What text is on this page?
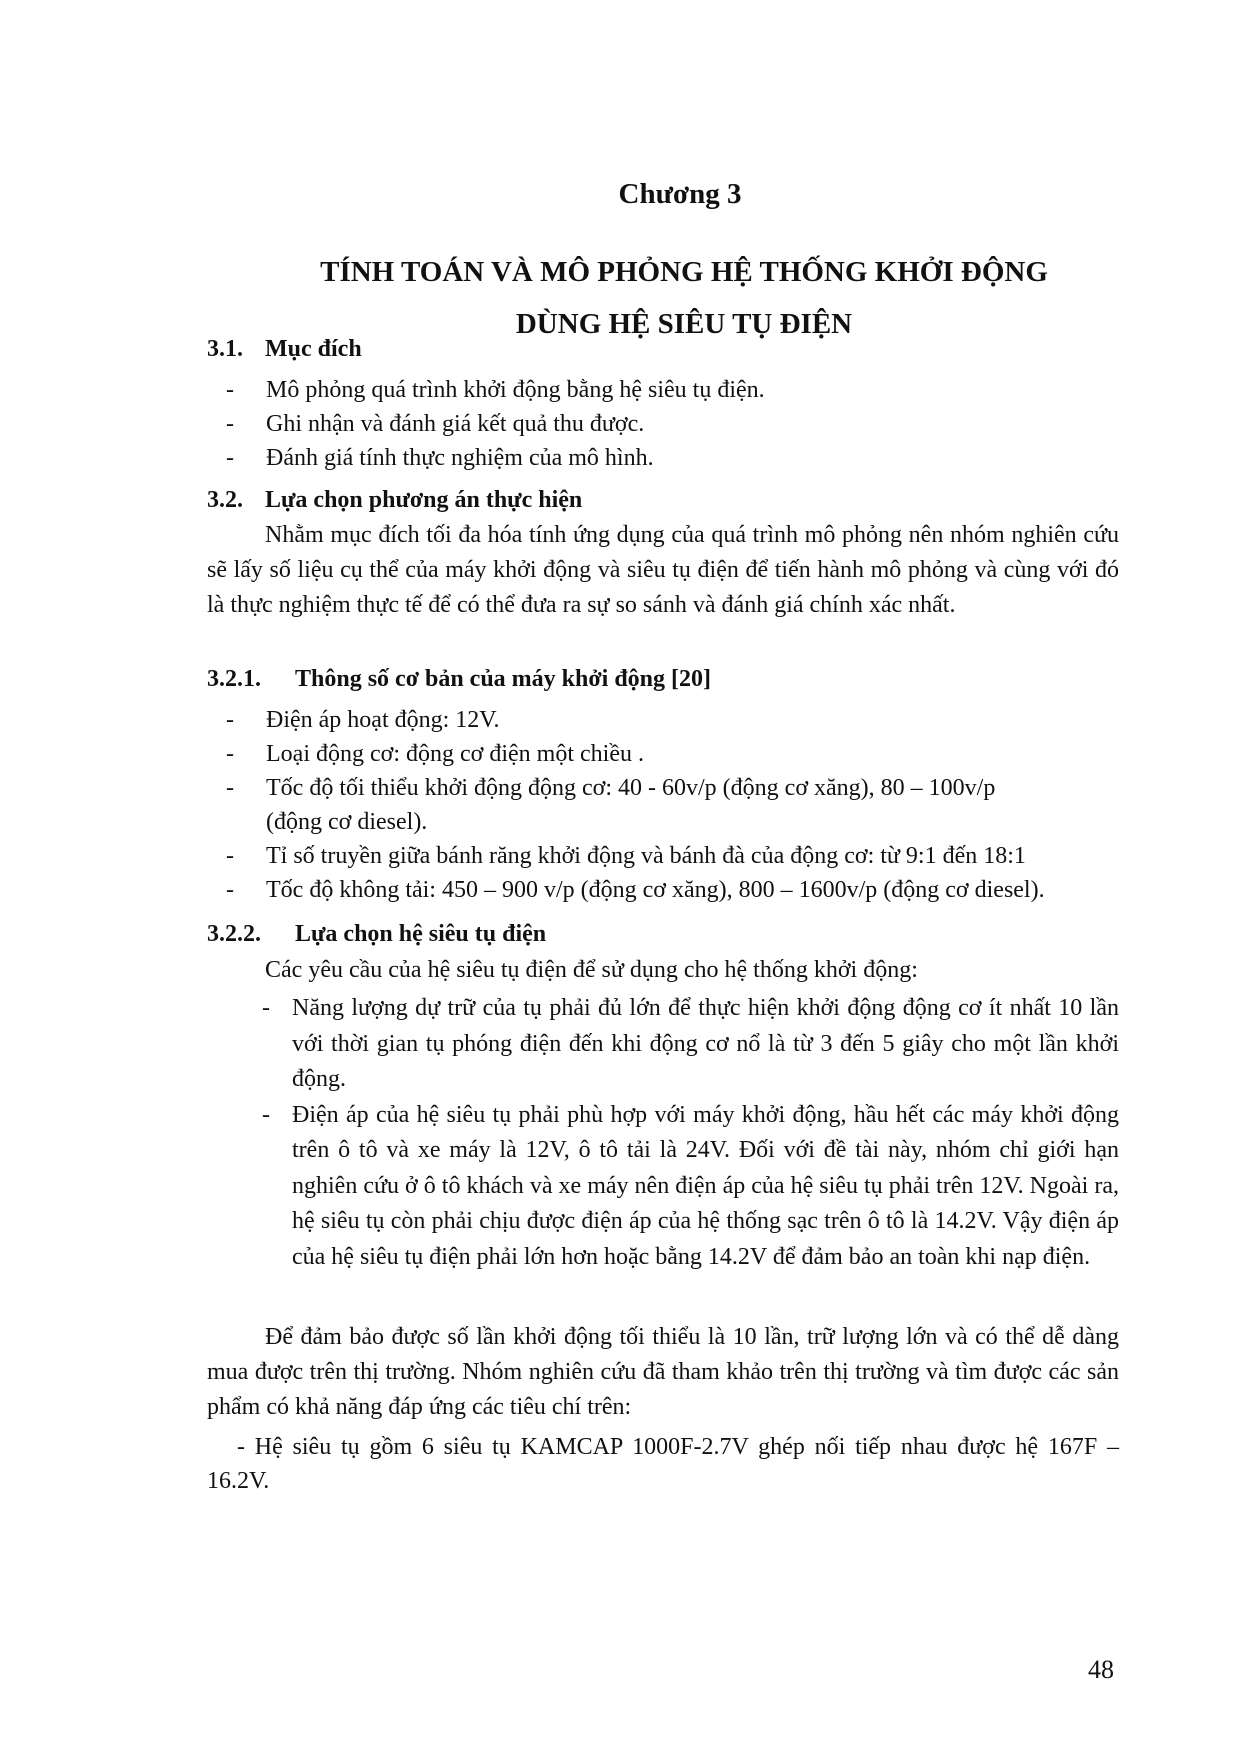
Chương 3
TÍNH TOÁN VÀ MÔ PHỎNG HỆ THỐNG KHỞI ĐỘNG
DÙNG HỆ SIÊU TỤ ĐIỆN
3.1. Mục đích
- Mô phỏng quá trình khởi động bằng hệ siêu tụ điện.
- Ghi nhận và đánh giá kết quả thu được.
- Đánh giá tính thực nghiệm của mô hình.
3.2. Lựa chọn phương án thực hiện
Nhằm mục đích tối đa hóa tính ứng dụng của quá trình mô phỏng nên nhóm nghiên cứu sẽ lấy số liệu cụ thể của máy khởi động và siêu tụ điện để tiến hành mô phỏng và cùng với đó là thực nghiệm thực tế để có thể đưa ra sự so sánh và đánh giá chính xác nhất.
3.2.1. Thông số cơ bản của máy khởi động [20]
- Điện áp hoạt động: 12V.
- Loại động cơ: động cơ điện một chiều .
- Tốc độ tối thiểu khởi động động cơ: 40 - 60v/p (động cơ xăng), 80 – 100v/p
(động cơ diesel).
- Tỉ số truyền giữa bánh răng khởi động và bánh đà của động cơ: từ 9:1 đến 18:1
- Tốc độ không tải: 450 – 900 v/p (động cơ xăng), 800 – 1600v/p (động cơ diesel).
3.2.2. Lựa chọn hệ siêu tụ điện
Các yêu cầu của hệ siêu tụ điện để sử dụng cho hệ thống khởi động:
- Năng lượng dự trữ của tụ phải đủ lớn để thực hiện khởi động động cơ ít nhất 10 lần với thời gian tụ phóng điện đến khi động cơ nổ là từ 3 đến 5 giây cho một lần khởi động.
- Điện áp của hệ siêu tụ phải phù hợp với máy khởi động, hầu hết các máy khởi động trên ô tô và xe máy là 12V, ô tô tải là 24V. Đối với đề tài này, nhóm chỉ giới hạn nghiên cứu ở ô tô khách và xe máy nên điện áp của hệ siêu tụ phải trên 12V. Ngoài ra, hệ siêu tụ còn phải chịu được điện áp của hệ thống sạc trên ô tô là 14.2V. Vậy điện áp của hệ siêu tụ điện phải lớn hơn hoặc bằng 14.2V để đảm bảo an toàn khi nạp điện.
Để đảm bảo được số lần khởi động tối thiểu là 10 lần, trữ lượng lớn và có thể dễ dàng mua được trên thị trường. Nhóm nghiên cứu đã tham khảo trên thị trường và tìm được các sản phẩm có khả năng đáp ứng các tiêu chí trên:
- Hệ siêu tụ gồm 6 siêu tụ KAMCAP 1000F-2.7V ghép nối tiếp nhau được hệ 167F – 16.2V.
48
